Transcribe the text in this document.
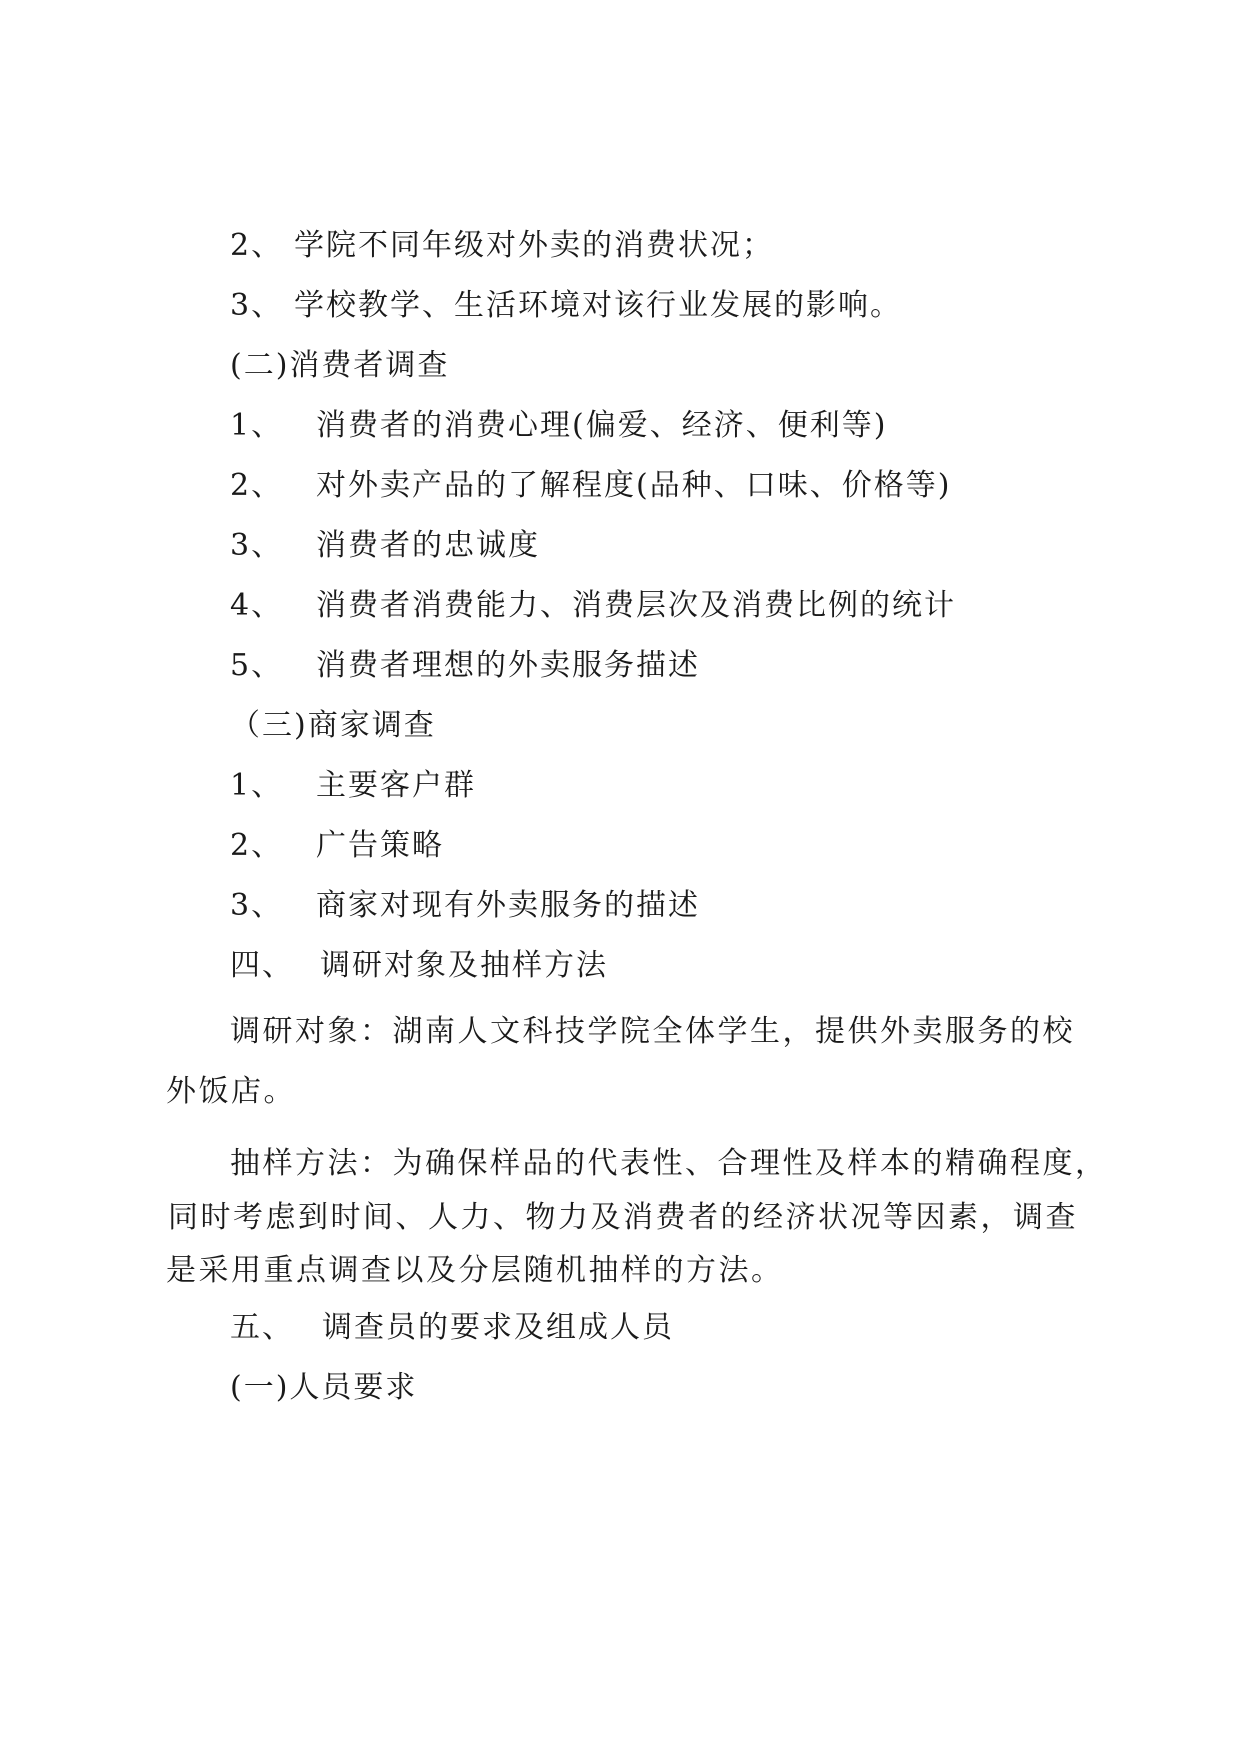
2、 学院不同年级对外卖的消费状况；
3、 学校教学、生活环境对该行业发展的影响。
(二)消费者调查
1、 消费者的消费心理(偏爱、经济、便利等)
2、 对外卖产品的了解程度(品种、口味、价格等)
3、 消费者的忠诚度
4、 消费者消费能力、消费层次及消费比例的统计
5、 消费者理想的外卖服务描述
（三)商家调查
1、 主要客户群
2、 广告策略
3、 商家对现有外卖服务的描述
四、 调研对象及抽样方法
调研对象：湖南人文科技学院全体学生，提供外卖服务的校
外饭店。
抽样方法：为确保样品的代表性、合理性及样本的精确程度，
同时考虑到时间、人力、物力及消费者的经济状况等因素，调查
是采用重点调查以及分层随机抽样的方法。
五、 调查员的要求及组成人员
(一)人员要求
